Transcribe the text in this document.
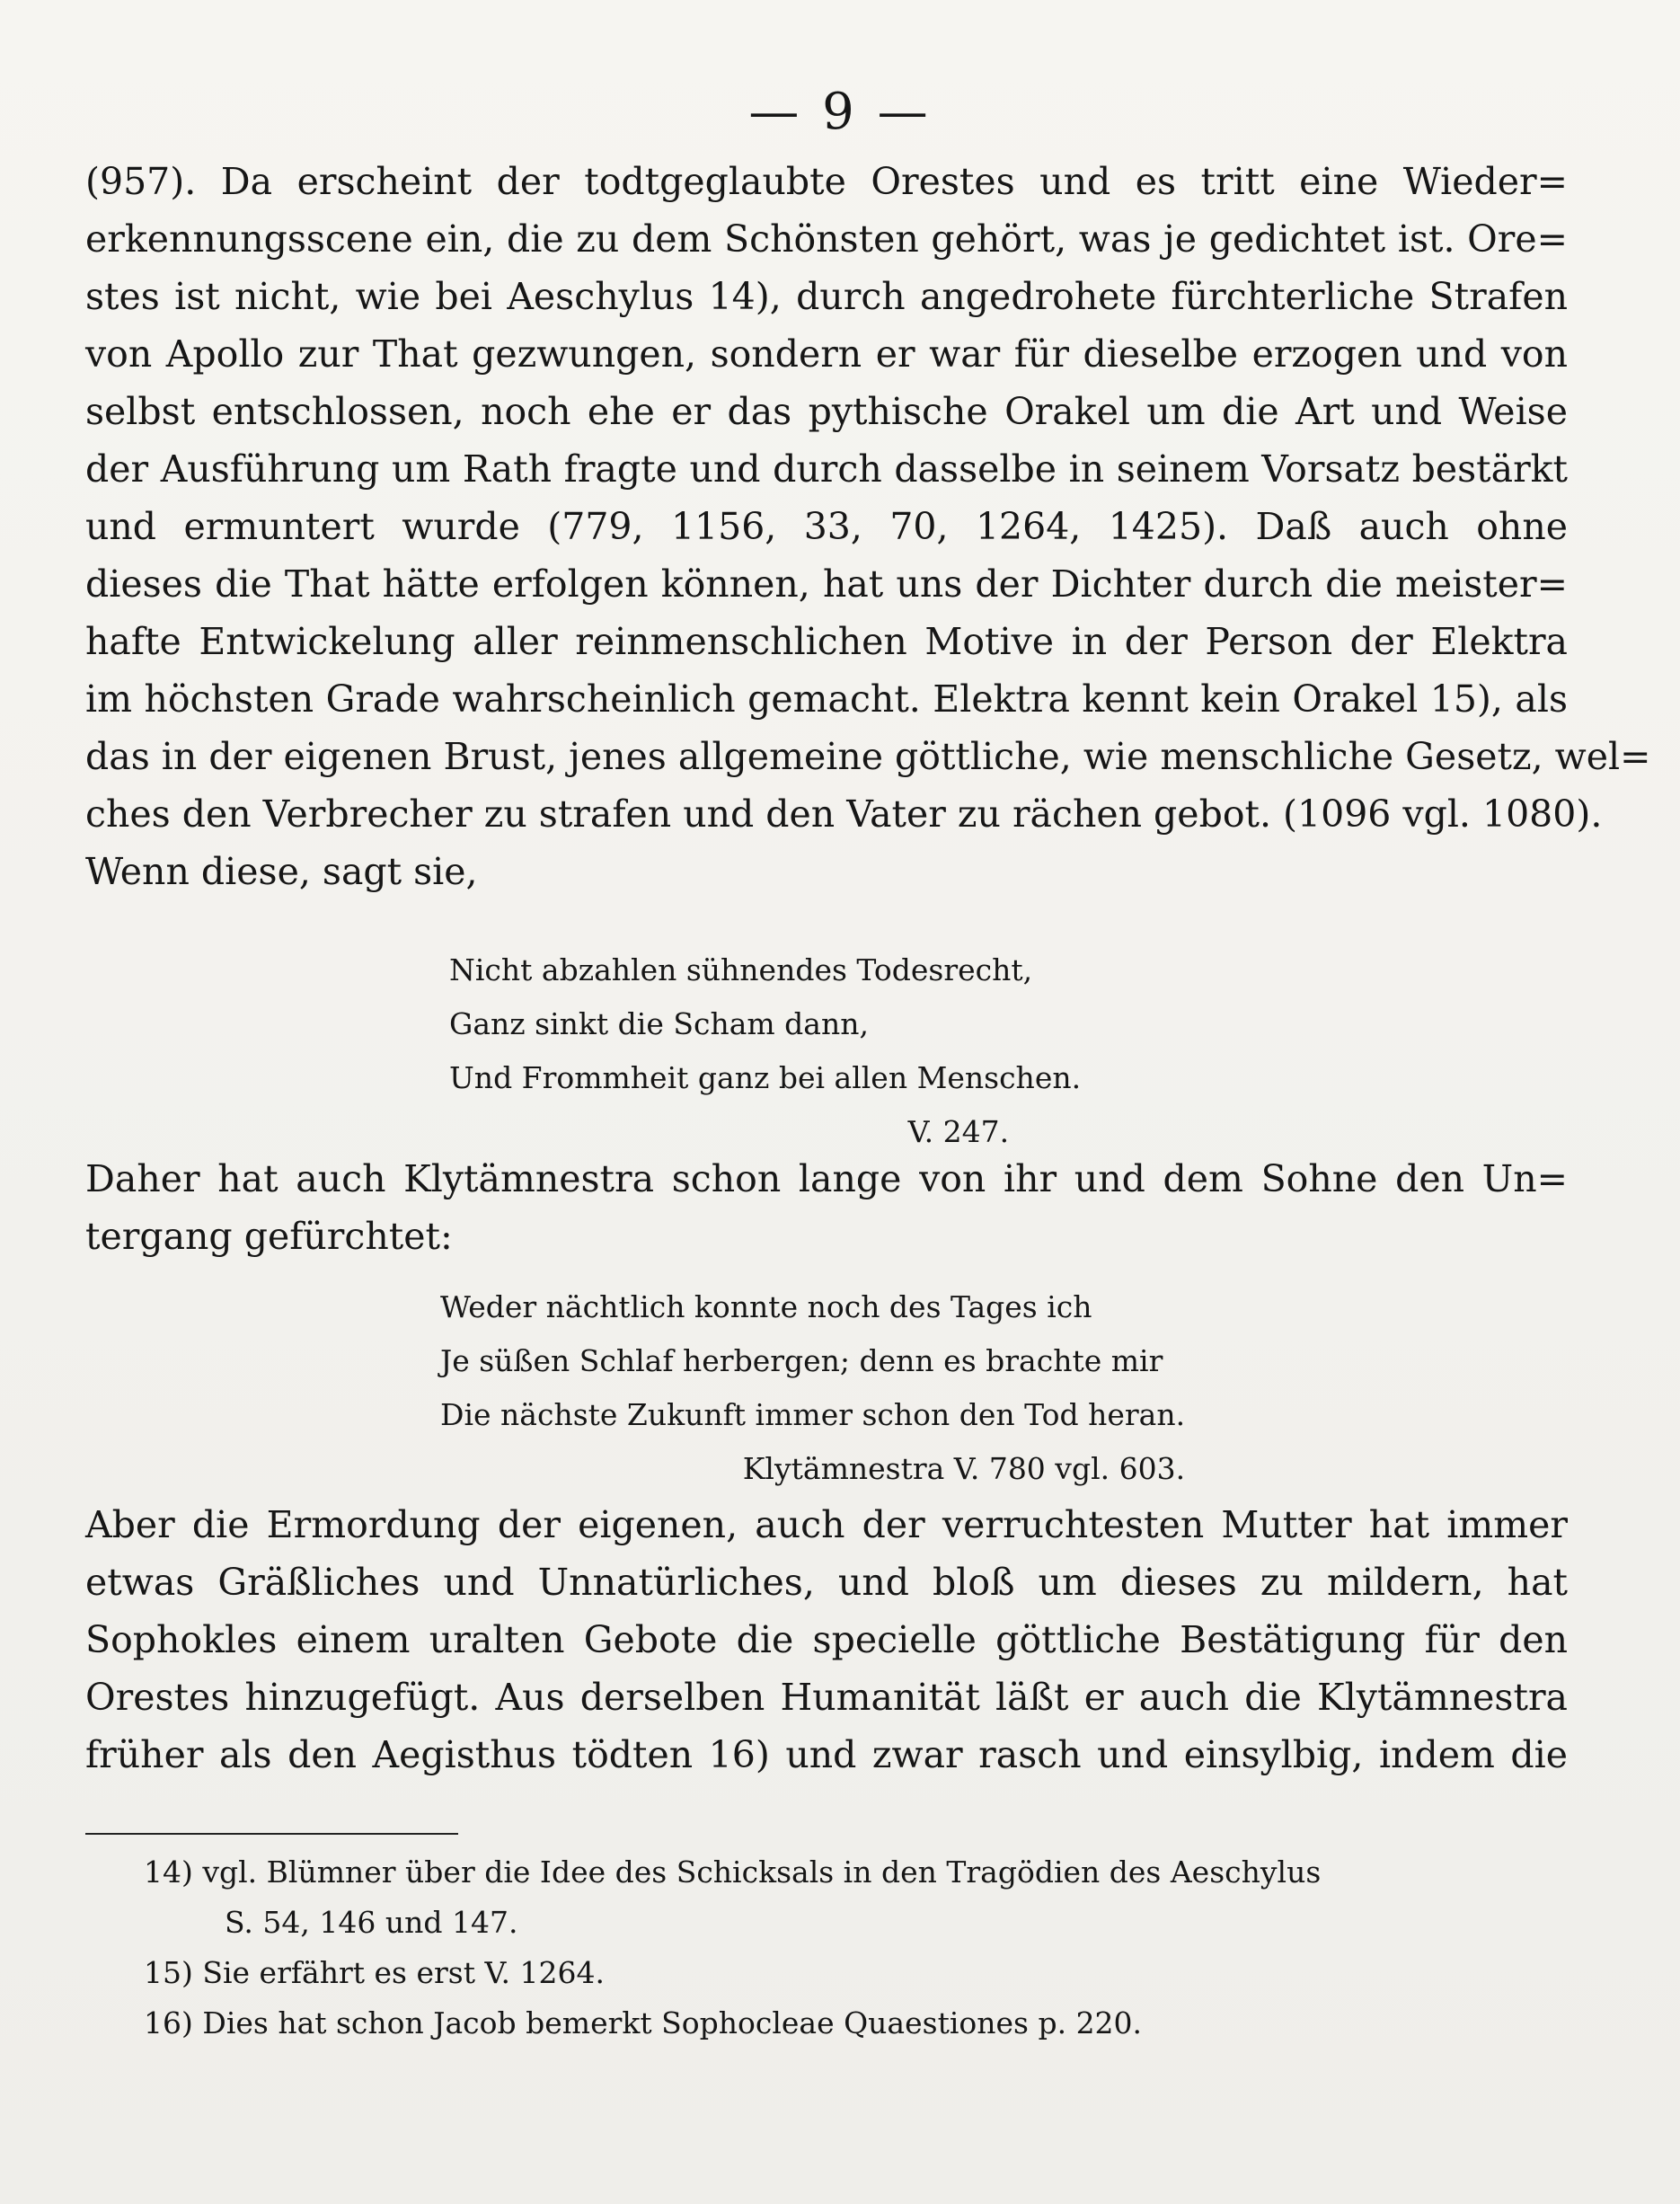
— 9 —
(957). Da erscheint der todtgeglaubte Orestes und es tritt eine Wieder=
erkennungsscene ein, die zu dem Schönsten gehört, was je gedichtet ist. Ore=
stes ist nicht, wie bei Aeschylus 14), durch angedrohete fürchterliche Strafen
von Apollo zur That gezwungen, sondern er war für dieselbe erzogen und von
selbst entschlossen, noch ehe er das pythische Orakel um die Art und Weise
der Ausführung um Rath fragte und durch dasselbe in seinem Vorsatz bestärkt
und ermuntert wurde (779, 1156, 33, 70, 1264, 1425). Daß auch ohne
dieses die That hätte erfolgen können, hat uns der Dichter durch die meister=
hafte Entwickelung aller reinmenschlichen Motive in der Person der Elektra
im höchsten Grade wahrscheinlich gemacht. Elektra kennt kein Orakel 15), als
das in der eigenen Brust, jenes allgemeine göttliche, wie menschliche Gesetz, wel=
ches den Verbrecher zu strafen und den Vater zu rächen gebot. (1096 vgl. 1080).
Wenn diese, sagt sie,
Nicht abzahlen sühnendes Todesrecht,
Ganz sinkt die Scham dann,
Und Frommheit ganz bei allen Menschen.
V. 247.
Daher hat auch Klytämnestra schon lange von ihr und dem Sohne den Un=
tergang gefürchtet:
Weder nächtlich konnte noch des Tages ich
Je süßen Schlaf herbergen; denn es brachte mir
Die nächste Zukunft immer schon den Tod heran.
Klytämnestra V. 780 vgl. 603.
Aber die Ermordung der eigenen, auch der verruchtesten Mutter hat immer
etwas Gräßliches und Unnatürliches, und bloß um dieses zu mildern, hat
Sophokles einem uralten Gebote die specielle göttliche Bestätigung für den
Orestes hinzugefügt. Aus derselben Humanität läßt er auch die Klytämnestra
früher als den Aegisthus tödten 16) und zwar rasch und einsylbig, indem die
14) vgl. Blümner über die Idee des Schicksals in den Tragödien des Aeschylus
S. 54, 146 und 147.
15) Sie erfährt es erst V. 1264.
16) Dies hat schon Jacob bemerkt Sophocleae Quaestiones p. 220.
